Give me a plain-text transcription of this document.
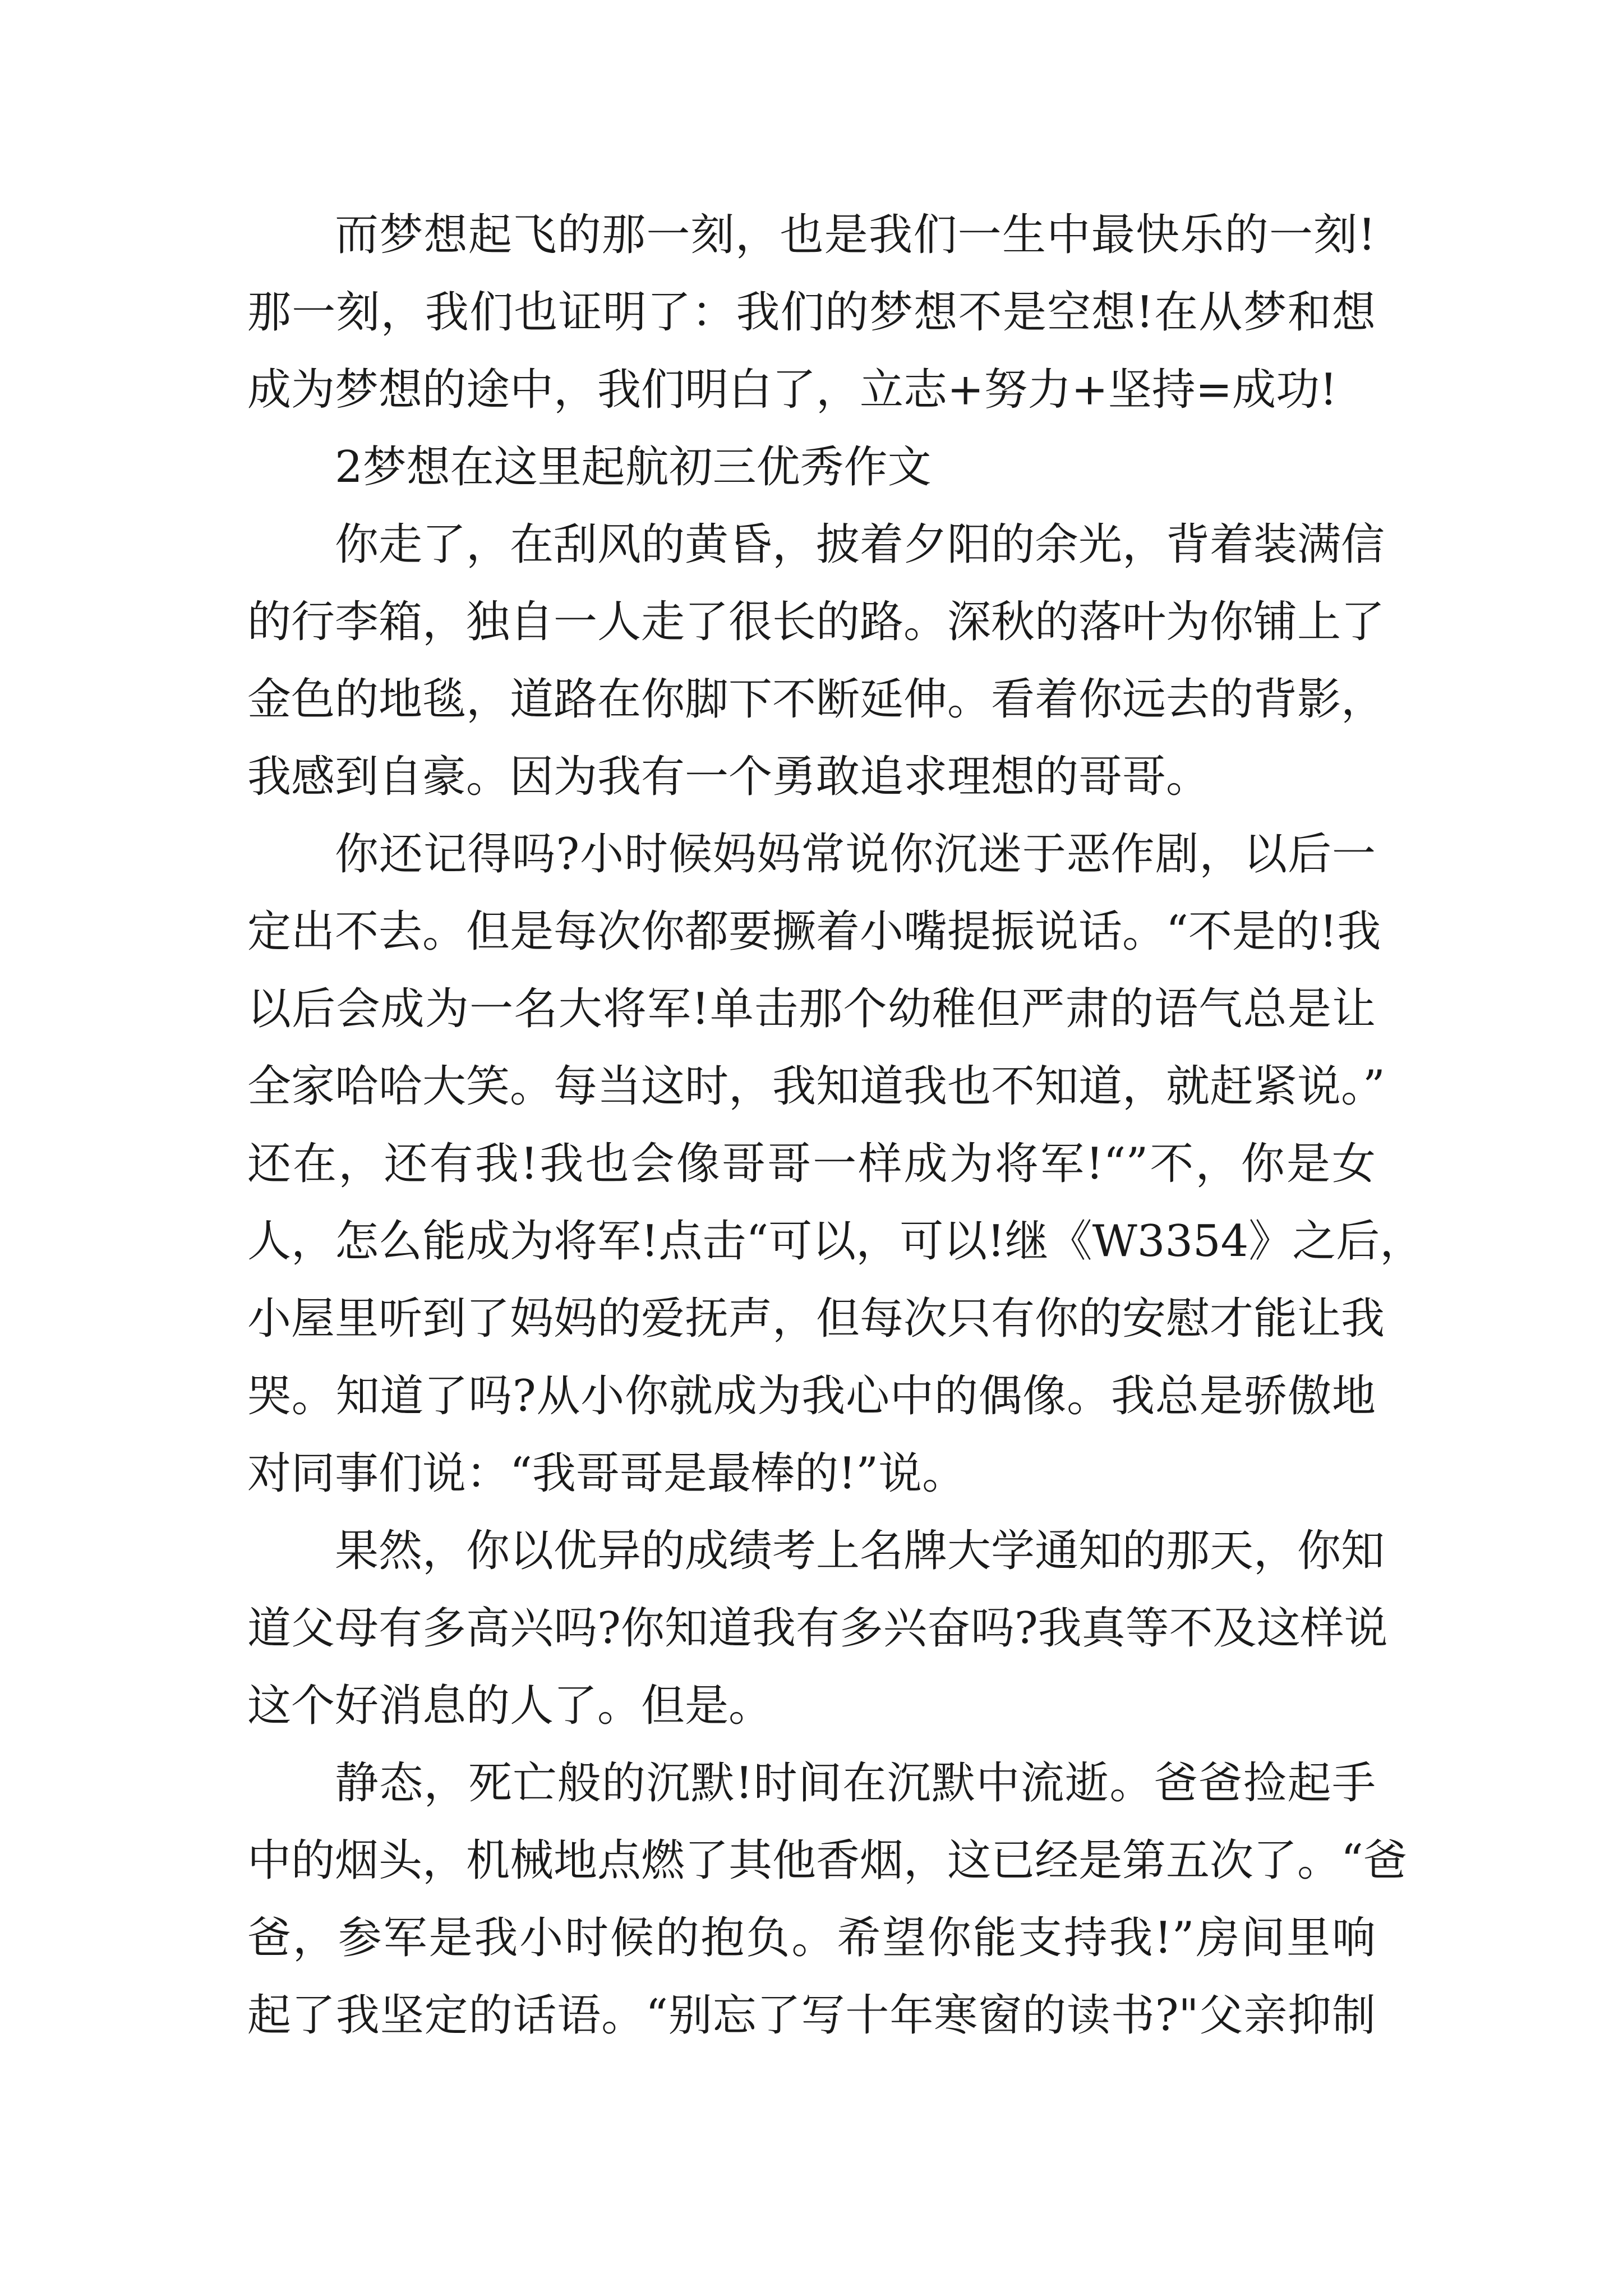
而梦想起飞的那一刻，也是我们一生中最快乐的一刻!
那一刻，我们也证明了：我们的梦想不是空想!在从梦和想
成为梦想的途中，我们明白了，立志+努力+坚持=成功!
2梦想在这里起航初三优秀作文
你走了，在刮风的黄昏，披着夕阳的余光，背着装满信
的行李箱，独自一人走了很长的路。深秋的落叶为你铺上了
金色的地毯，道路在你脚下不断延伸。看着你远去的背影，
我感到自豪。因为我有一个勇敢追求理想的哥哥。
你还记得吗?小时候妈妈常说你沉迷于恶作剧，以后一
定出不去。但是每次你都要撅着小嘴提振说话。“不是的!我
以后会成为一名大将军!单击那个幼稚但严肃的语气总是让
全家哈哈大笑。每当这时，我知道我也不知道，就赶紧说。”
还在，还有我!我也会像哥哥一样成为将军!“”不，你是女
人，怎么能成为将军!点击“可以，可以!继《W3354》之后，
小屋里听到了妈妈的爱抚声，但每次只有你的安慰才能让我
哭。知道了吗?从小你就成为我心中的偶像。我总是骄傲地
对同事们说：“我哥哥是最棒的!”说。
果然，你以优异的成绩考上名牌大学通知的那天，你知
道父母有多高兴吗?你知道我有多兴奋吗?我真等不及这样说
这个好消息的人了。但是。
静态，死亡般的沉默!时间在沉默中流逝。爸爸捡起手
中的烟头，机械地点燃了其他香烟，这已经是第五次了。“爸
爸，参军是我小时候的抱负。希望你能支持我!”房间里响
起了我坚定的话语。“别忘了写十年寒窗的读书?"父亲抑制
